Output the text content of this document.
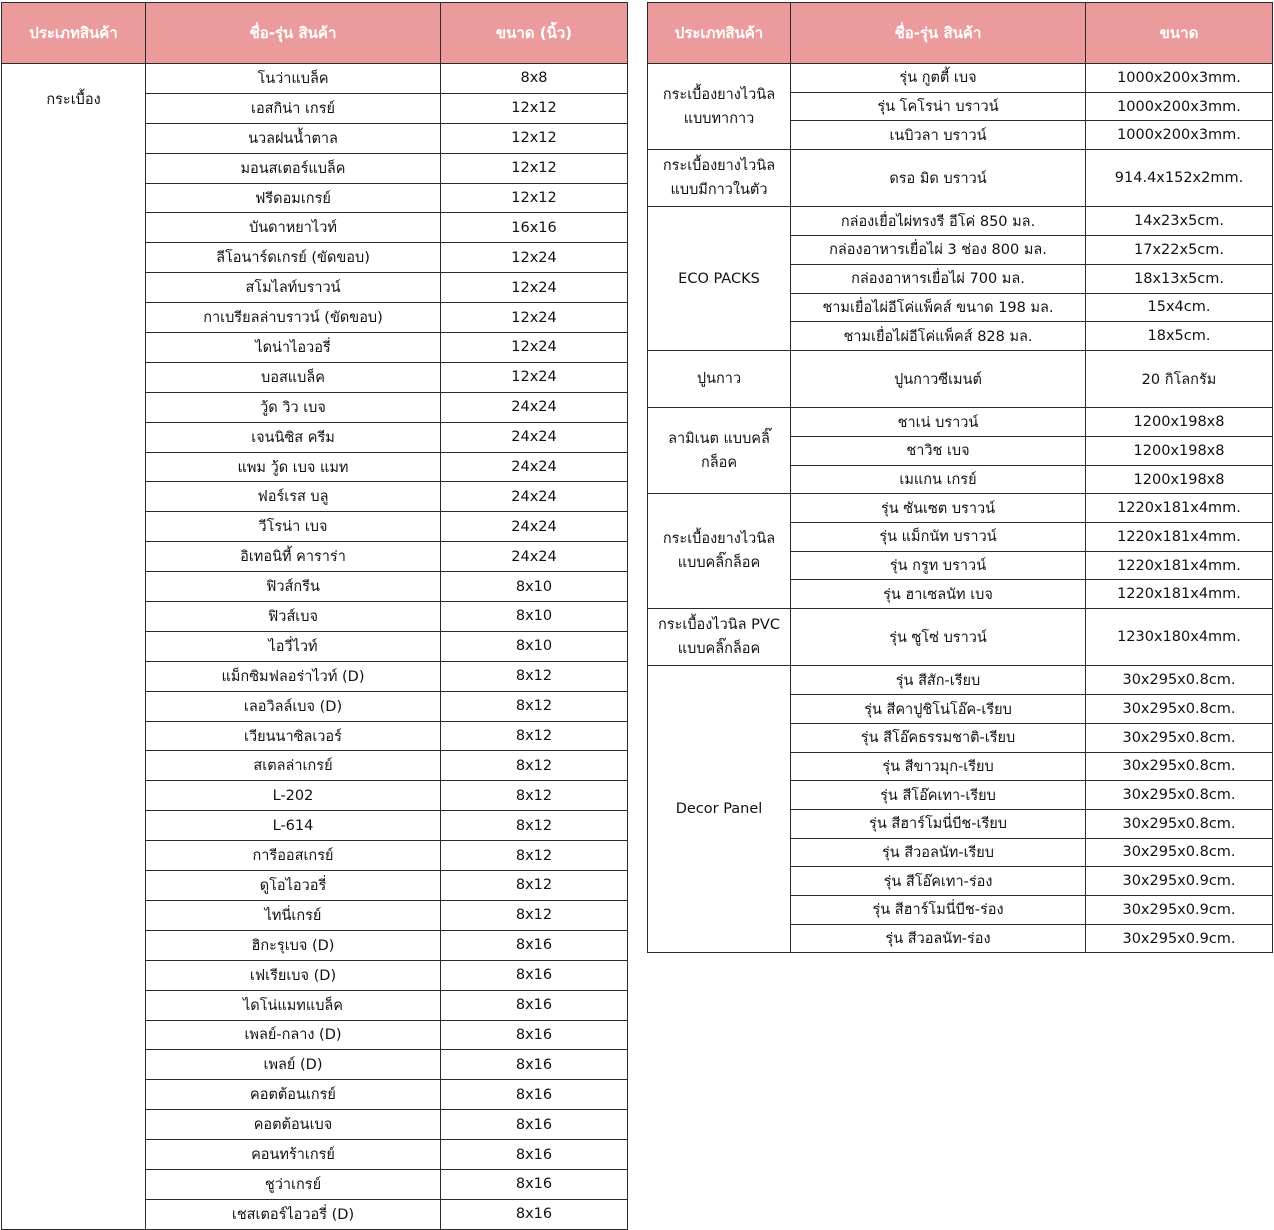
ประเภทสินค้า	ชื่อ-รุ่น สินค้า	ขนาด (นิ้ว)
กระเบื้อง	โนว่าแบล็ค	8x8
	เอสกิน่า เกรย์	12x12
	นวลฝนน้ำตาล	12x12
	มอนสเตอร์แบล็ค	12x12
	ฟรีดอมเกรย์	12x12
	บันดาหยาไวท์	16x16
	ลีโอนาร์ดเกรย์ (ขัดขอบ)	12x24
	สโมไลท์บราวน์	12x24
	กาเบรียลล่าบราวน์ (ขัดขอบ)	12x24
	ไดน่าไอวอรี่	12x24
	บอสแบล็ค	12x24
	วู้ด วิว เบจ	24x24
	เจนนิซิส ครีม	24x24
	แพม วู้ด เบจ แมท	24x24
	ฟอร์เรส บลู	24x24
	วีโรน่า เบจ	24x24
	อิเทอนิที้ คาราร่า	24x24
	ฟิวส์กรีน	8x10
	ฟิวส์เบจ	8x10
	ไอวี่ไวท์	8x10
	แม็กซิมฟลอร่าไวท์ (D)	8x12
	เลอวิลล์เบจ (D)	8x12
	เวียนนาซิลเวอร์	8x12
	สเตลล่าเกรย์	8x12
	L-202	8x12
	L-614	8x12
	การีออสเกรย์	8x12
	ดูโอไอวอรี่	8x12
	ไทนี่เกรย์	8x12
	ฮิกะรุเบจ (D)	8x16
	เฟเรียเบจ (D)	8x16
	ไดโน่แมทแบล็ค	8x16
	เพลย์-กลาง (D)	8x16
	เพลย์ (D)	8x16
	คอตต้อนเกรย์	8x16
	คอตต้อนเบจ	8x16
	คอนทร้าเกรย์	8x16
	ชูว่าเกรย์	8x16
	เชสเตอร์ไอวอรี่ (D)	8x16
ประเภทสินค้า	ชื่อ-รุ่น สินค้า	ขนาด
กระเบื้องยางไวนิล แบบทากาว	รุ่น กูตตี้ เบจ	1000x200x3mm.
	รุ่น โคโรน่า บราวน์	1000x200x3mm.
	เนบิวลา บราวน์	1000x200x3mm.
กระเบื้องยางไวนิล แบบมีกาวในตัว	ดรอ มิด บราวน์	914.4x152x2mm.
ECO PACKS	กล่องเยื่อไผ่ทรงรี อีโค่ 850 มล.	14x23x5cm.
	กล่องอาหารเยื่อไผ่ 3 ช่อง 800 มล.	17x22x5cm.
	กล่องอาหารเยื่อไผ่ 700 มล.	18x13x5cm.
	ชามเยื่อไผ่อีโค่แพ็คส์ ขนาด 198 มล.	15x4cm.
	ชามเยื่อไผ่อีโค่แพ็คส์ 828 มล.	18x5cm.
ปูนกาว	ปูนกาวซีเมนต์	20 กิโลกรัม
ลามิเนต แบบคลิ๊กล็อค	ชาเน่ บราวน์	1200x198x8
	ชาวิช เบจ	1200x198x8
	เมแกน เกรย์	1200x198x8
กระเบื้องยางไวนิล แบบคลิ๊กล็อค	รุ่น ซันเซต บราวน์	1220x181x4mm.
	รุ่น แม็กนัท บราวน์	1220x181x4mm.
	รุ่น กรูท บราวน์	1220x181x4mm.
	รุ่น ฮาเซลนัท เบจ	1220x181x4mm.
กระเบื้องไวนิล PVC แบบคลิ๊กล็อค	รุ่น ซูโซ่ บราวน์	1230x180x4mm.
Decor Panel	รุ่น สีสัก-เรียบ	30x295x0.8cm.
	รุ่น สีคาปูชิโน่โอ๊ค-เรียบ	30x295x0.8cm.
	รุ่น สีโอ๊คธรรมชาติ-เรียบ	30x295x0.8cm.
	รุ่น สีขาวมุก-เรียบ	30x295x0.8cm.
	รุ่น สีโอ๊คเทา-เรียบ	30x295x0.8cm.
	รุ่น สีฮาร์โมนี่บีช-เรียบ	30x295x0.8cm.
	รุ่น สีวอลนัท-เรียบ	30x295x0.8cm.
	รุ่น สีโอ๊คเทา-ร่อง	30x295x0.9cm.
	รุ่น สีฮาร์โมนี่บีช-ร่อง	30x295x0.9cm.
	รุ่น สีวอลนัท-ร่อง	30x295x0.9cm.
